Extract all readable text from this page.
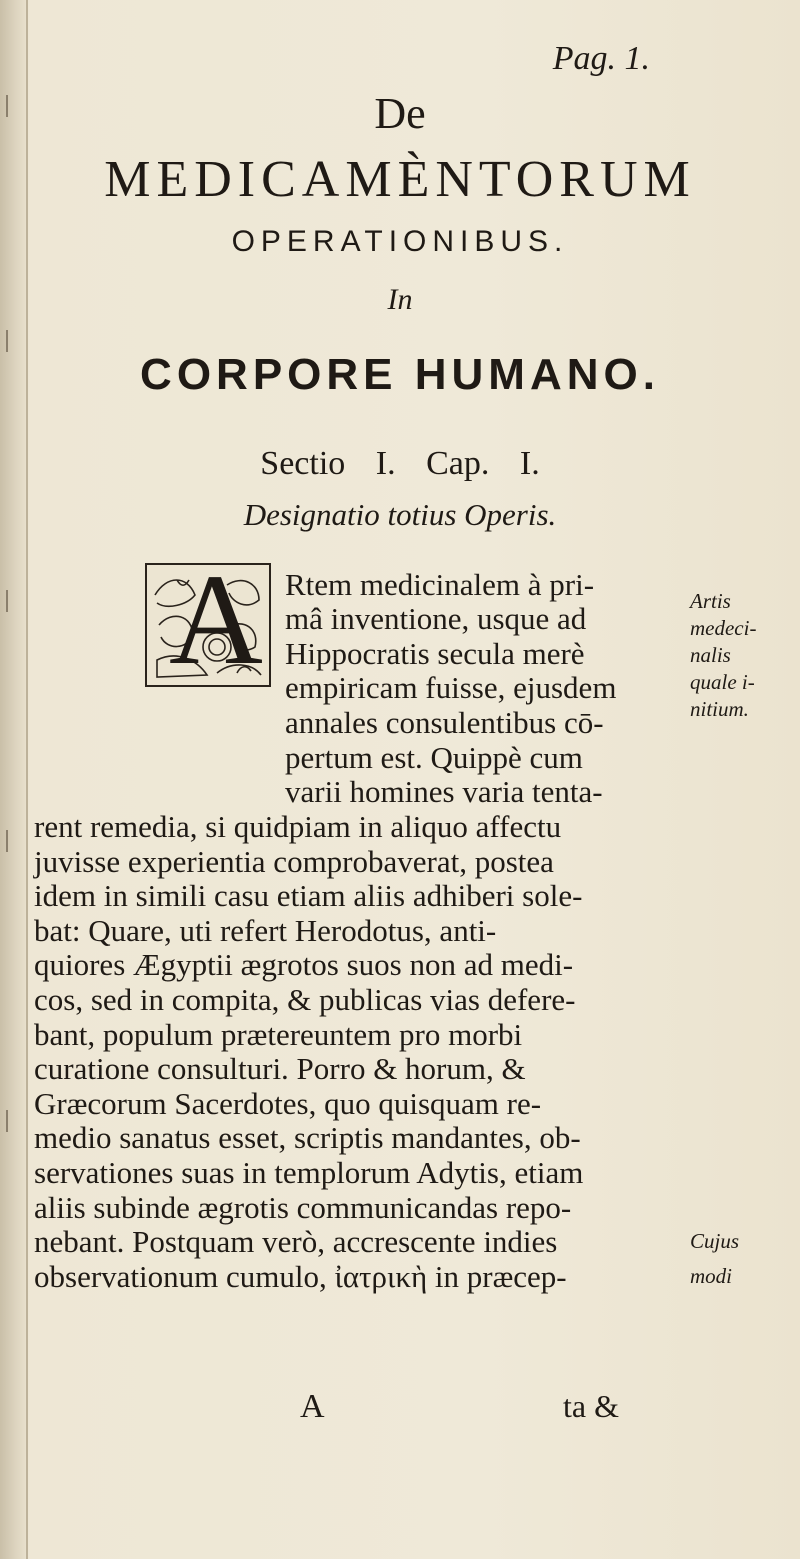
Pag. 1.
De
MEDICAMÈNTORUM
OPERATIONIBUS.
In
CORPORE HUMANO.
Sectio I. Cap. I.
Designatio totius Operis.
A Rtem medicinalem à pri-
mâ inventione, usque ad
Hippocratis secula merè
empiricam fuisse, ejusdem
annales consulentibus cō-
pertum est. Quippè cum
varii homines varia tenta-
rent remedia, si quidpiam in aliquo affectu
juvisse experientia comprobaverat, postea
idem in simili casu etiam aliis adhiberi sole-
bat: Quare, uti refert Herodotus, anti-
quiores Ægyptii ægrotos suos non ad medi-
cos, sed in compita, & publicas vias defere-
bant, populum prætereuntem pro morbi
curatione consulturi. Porro & horum, &
Græcorum Sacerdotes, quo quisquam re-
medio sanatus esset, scriptis mandantes, ob-
servationes suas in templorum Adytis, etiam
aliis subinde ægrotis communicandas repo-
nebant. Postquam verò, accrescente indies
observationum cumulo, ἰατρικὴ in præcep-
Artis
medeci-
nalis
quale i-
nitium.
Cujus
modi
A	ta &
